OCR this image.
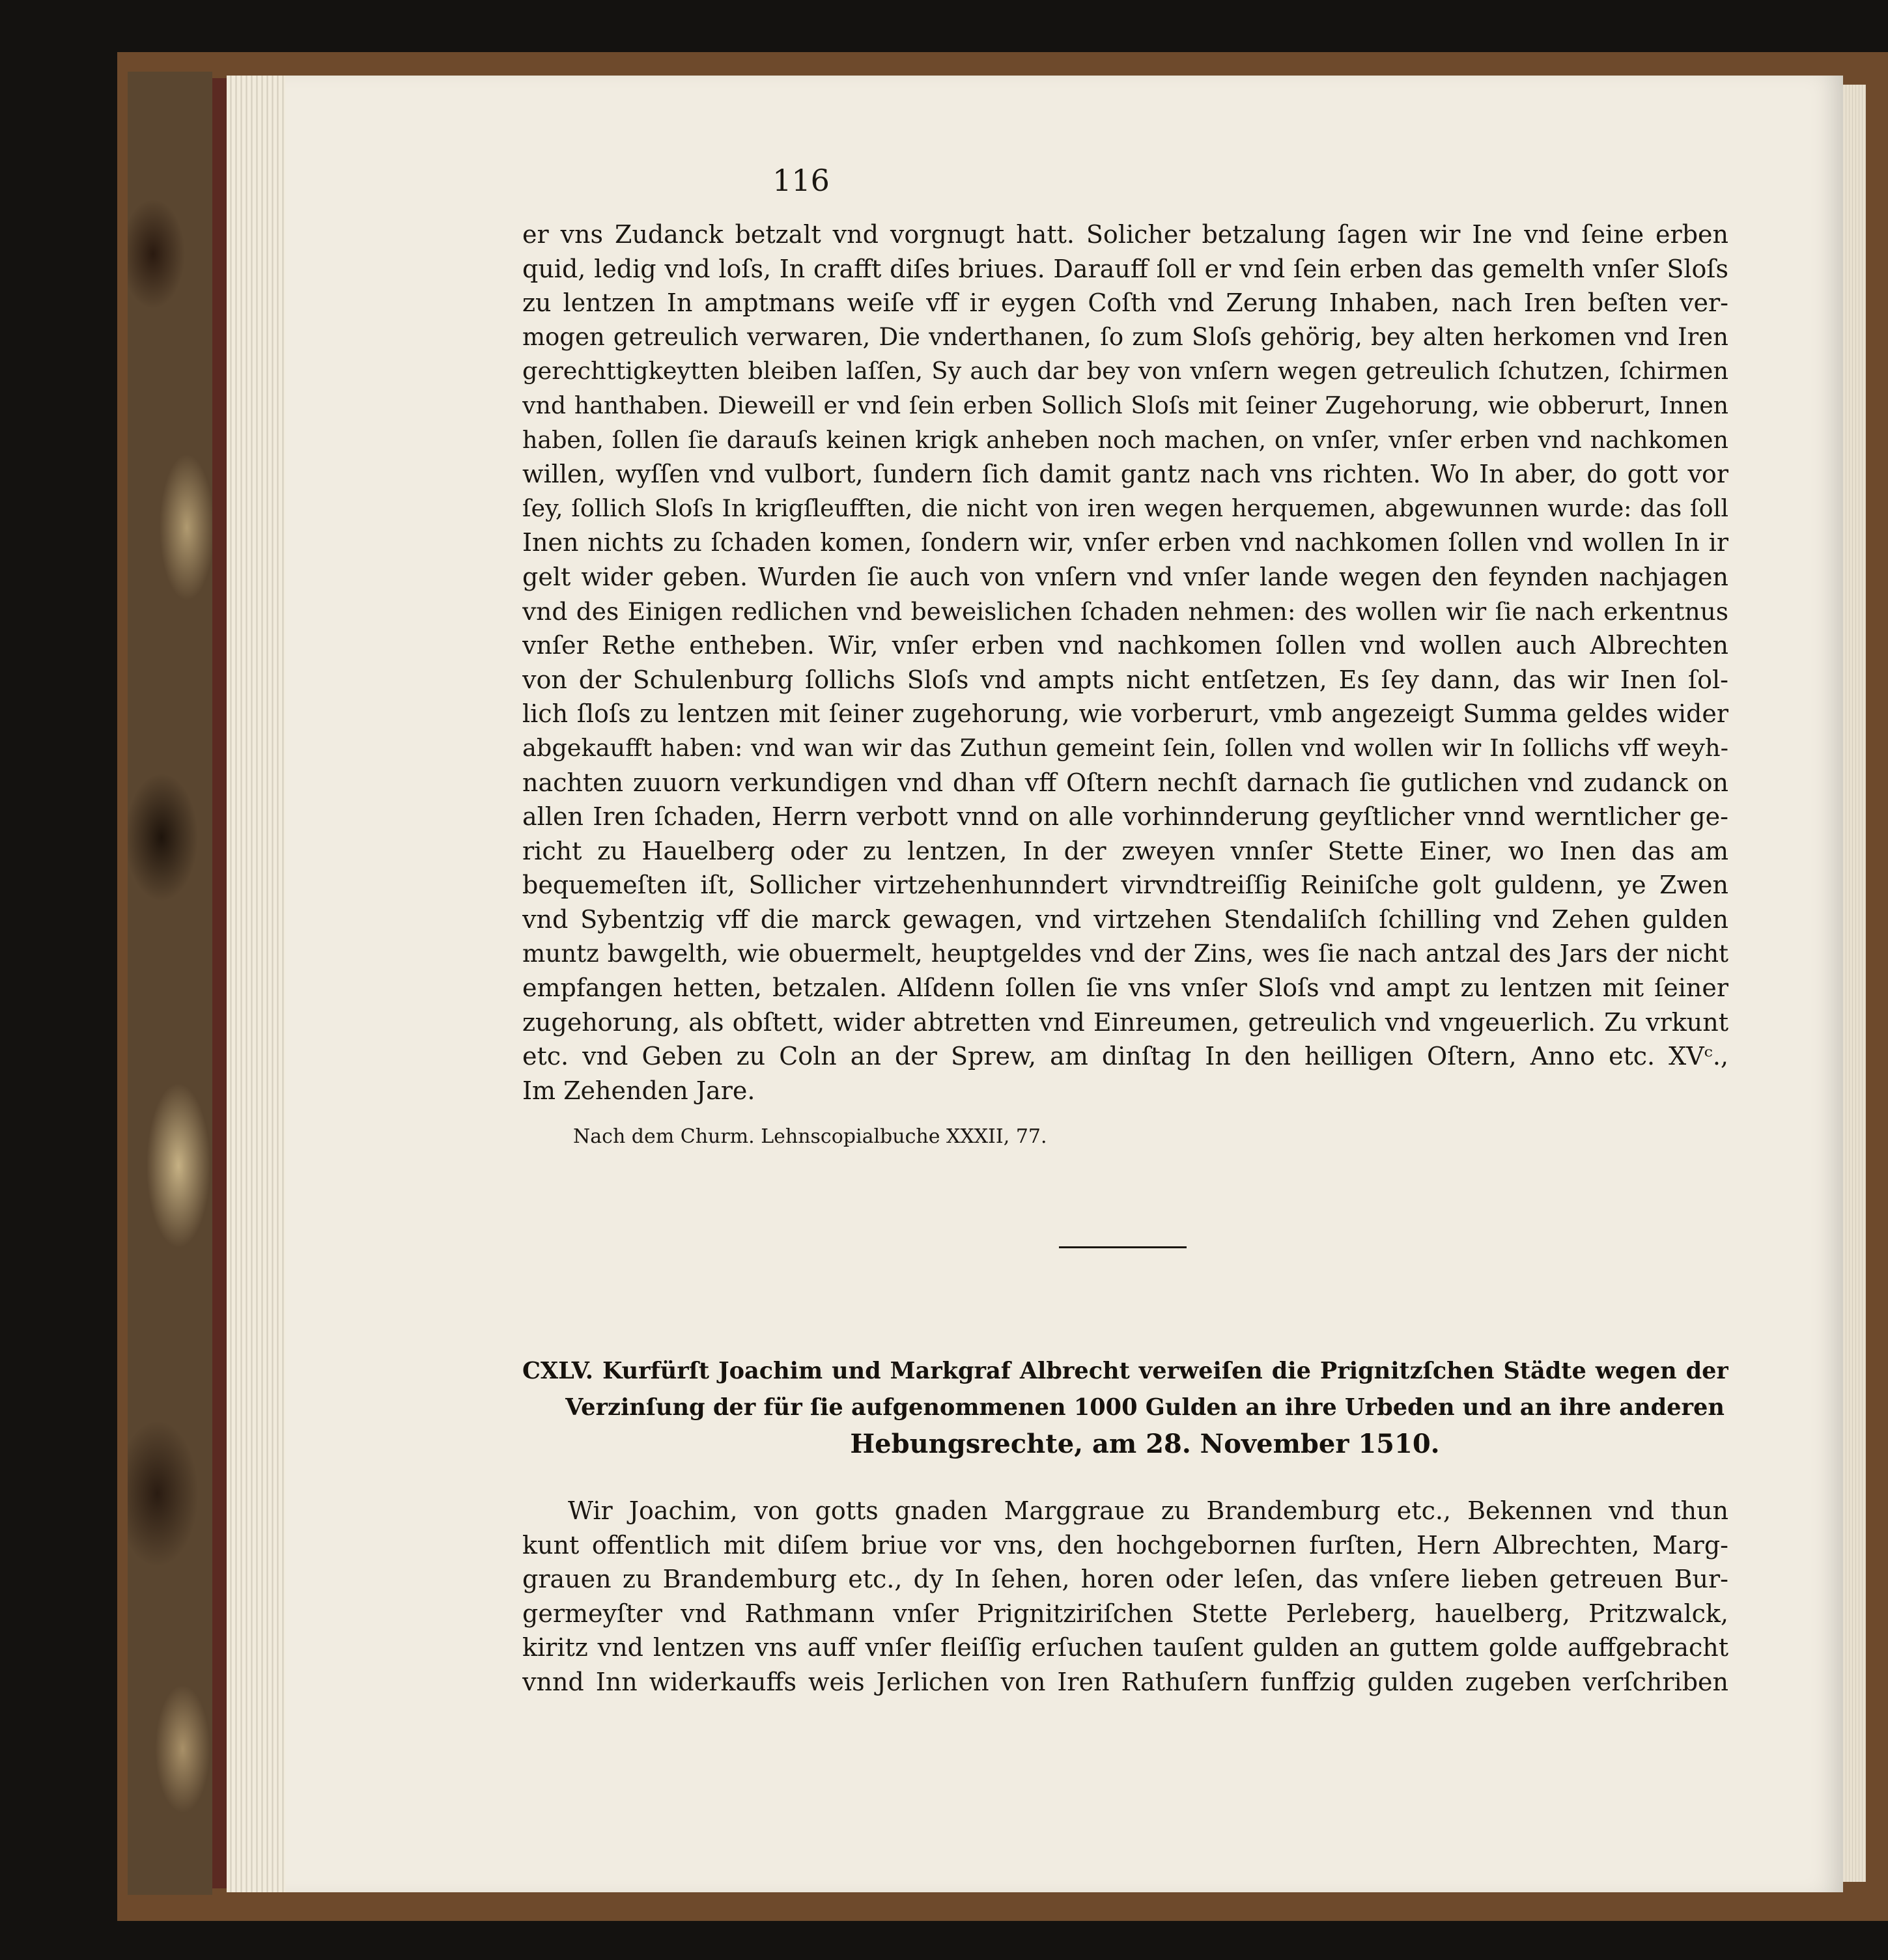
116
er vns Zudanck betzalt vnd vorgnugt hatt. Solicher betzalung ſagen wir Ine vnd ſeine erben
quid, ledig vnd loſs, In crafft diſes briues. Darauff ſoll er vnd ſein erben das gemelth vnſer Sloſs
zu lentzen In amptmans weiſe vff ir eygen Coſth vnd Zerung Inhaben, nach Iren beſten ver-
mogen getreulich verwaren, Die vnderthanen, ſo zum Sloſs gehörig, bey alten herkomen vnd Iren
gerechttigkeytten bleiben laſſen, Sy auch dar bey von vnſern wegen getreulich ſchutzen, ſchirmen
vnd hanthaben. Dieweill er vnd ſein erben Sollich Sloſs mit ſeiner Zugehorung, wie obberurt, Innen
haben, ſollen ſie darauſs keinen krigk anheben noch machen, on vnſer, vnſer erben vnd nachkomen
willen, wyſſen vnd vulbort, ſundern ſich damit gantz nach vns richten. Wo In aber, do gott vor
ſey, ſollich Sloſs In krigſleufften, die nicht von iren wegen herquemen, abgewunnen wurde: das ſoll
Inen nichts zu ſchaden komen, ſondern wir, vnſer erben vnd nachkomen ſollen vnd wollen In ir
gelt wider geben. Wurden ſie auch von vnſern vnd vnſer lande wegen den feynden nachjagen
vnd des Einigen redlichen vnd beweislichen ſchaden nehmen: des wollen wir ſie nach erkentnus
vnſer Rethe entheben. Wir, vnſer erben vnd nachkomen ſollen vnd wollen auch Albrechten
von der Schulenburg ſollichs Sloſs vnd ampts nicht entſetzen, Es ſey dann, das wir Inen ſol-
lich ſloſs zu lentzen mit ſeiner zugehorung, wie vorberurt, vmb angezeigt Summa geldes wider
abgekaufft haben: vnd wan wir das Zuthun gemeint ſein, ſollen vnd wollen wir In ſollichs vff weyh-
nachten zuuorn verkundigen vnd dhan vff Oſtern nechſt darnach ſie gutlichen vnd zudanck on
allen Iren ſchaden, Herrn verbott vnnd on alle vorhinnderung geyſtlicher vnnd werntlicher ge-
richt zu Hauelberg oder zu lentzen, In der zweyen vnnſer Stette Einer, wo Inen das am
bequemeſten iſt, Sollicher virtzehenhunndert virvndtreiſſig Reiniſche golt guldenn, ye Zwen
vnd Sybentzig vff die marck gewagen, vnd virtzehen Stendaliſch ſchilling vnd Zehen gulden
muntz bawgelth, wie obuermelt, heuptgeldes vnd der Zins, wes ſie nach antzal des Jars der nicht
empfangen hetten, betzalen. Alſdenn ſollen ſie vns vnſer Sloſs vnd ampt zu lentzen mit ſeiner
zugehorung, als obſtett, wider abtretten vnd Einreumen, getreulich vnd vngeuerlich. Zu vrkunt
etc. vnd Geben zu Coln an der Sprew, am dinſtag In den heilligen Oſtern, Anno etc. XVᶜ.,
Im Zehenden Jare.
Nach dem Churm. Lehnscopialbuche XXXII, 77.
CXLV. Kurfürſt Joachim und Markgraf Albrecht verweiſen die Prignitzſchen Städte wegen der
Verzinſung der für ſie aufgenommenen 1000 Gulden an ihre Urbeden und an ihre anderen
Hebungsrechte, am 28. November 1510.
Wir Joachim, von gotts gnaden Marggraue zu Brandemburg etc., Bekennen vnd thun
kunt offentlich mit diſem briue vor vns, den hochgebornen furſten, Hern Albrechten, Marg-
grauen zu Brandemburg etc., dy In ſehen, horen oder leſen, das vnſere lieben getreuen Bur-
germeyſter vnd Rathmann vnſer Prignitziriſchen Stette Perleberg, hauelberg, Pritzwalck,
kiritz vnd lentzen vns auff vnſer fleiſſig erſuchen tauſent gulden an guttem golde auffgebracht
vnnd Inn widerkauffs weis Jerlichen von Iren Rathuſern funffzig gulden zugeben verſchriben
